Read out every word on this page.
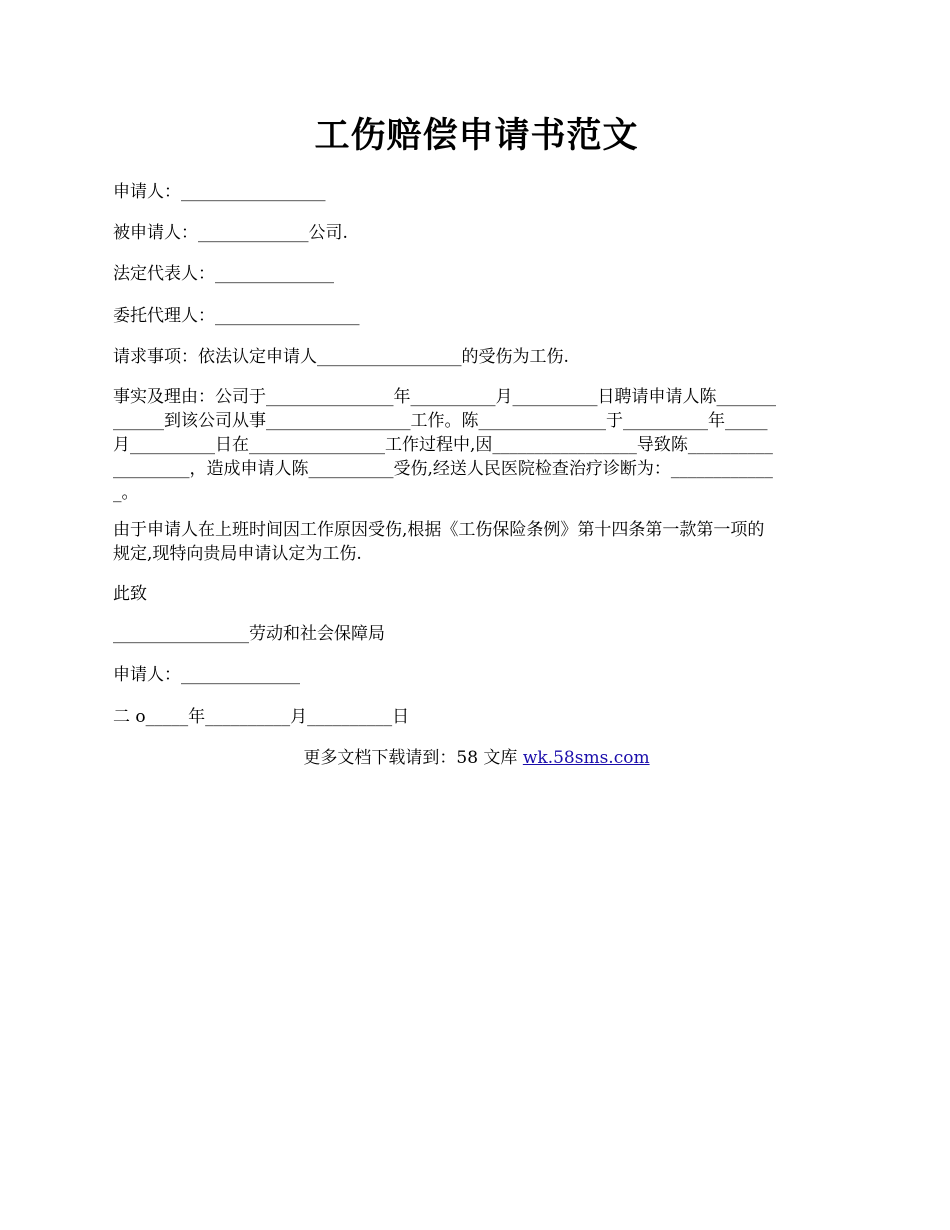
工伤赔偿申请书范文
申请人：_________________
被申请人：_____________公司.
法定代表人：______________
委托代理人：_________________
请求事项：依法认定申请人_________________的受伤为工伤.
事实及理由：公司于_______________年__________月__________日聘请申请人陈_______
______到该公司从事_________________工作。陈_______________于__________年_____
月__________日在________________工作过程中,因_________________导致陈__________
_________，造成申请人陈__________受伤,经送人民医院检查治疗诊断为：____________
_。
由于申请人在上班时间因工作原因受伤,根据《工伤保险条例》第十四条第一款第一项的
规定,现特向贵局申请认定为工伤.
此致
________________劳动和社会保障局
申请人：______________
二 o_____年__________月__________日
更多文档下载请到：58 文库 wk.58sms.com
